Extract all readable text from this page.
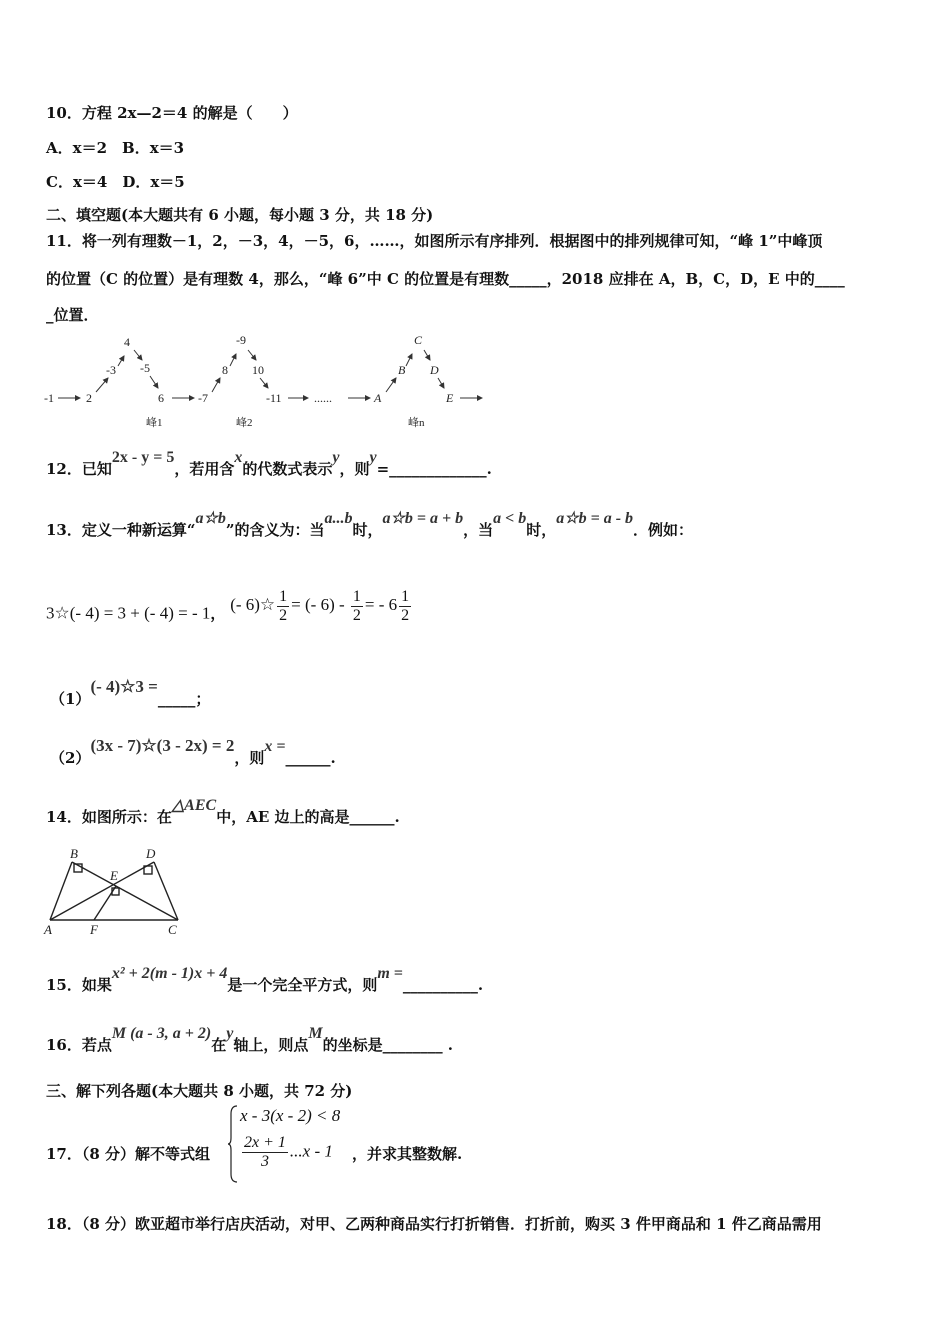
10．方程 2x—2＝4 的解是（　　）
A．x＝2　B．x＝3
C．x＝4　D．x＝5
二、填空题(本大题共有 6 小题，每小题 3 分，共 18 分)
11．将一列有理数－1，2，－3，4，－5，6，……，如图所示有序排列．根据图中的排列规律可知，“峰 1”中峰顶
的位置（C 的位置）是有理数 4，那么，“峰 6”中 C 的位置是有理数_____，2018 应排在 A，B，C，D，E 中的____
_位置．
-1	2
-3
4
-5
6	-7
8
-9
10
-11	......	A
B
C
D
E
峰1	峰2	峰n
12．已知2x - y = 5，若用含x的代数式表示y，则y=_____________.
13．定义一种新运算“a☆b”的含义为：当a...b时，a☆b = a + b，当a < b时，a☆b = a - b．例如：
3☆(- 4) = 3 + (- 4) = - 1， (- 6)☆ $\frac{1}{2}$ = (- $6) - \frac{1}{2}$ = - $6 \frac{1}{2}$
（1）(- 4)☆3 =_____；
（2）(3x - 7)☆(3 - 2x) = 2，则x =______.
14．如图所示：在△AEC中，AE 边上的高是______.
B	D
E
A	F	C
15．如果x² + 2(m - 1)x + 4是一个完全平方式，则m =__________.
16．若点M (a - 3, a + 2)在y轴上，则点M的坐标是________ .
三、解下列各题(本大题共 8 小题，共 72 分)
17．（8 分）解不等式组
x - 3(x - 2) < 8
$\frac{2x + 1}{3} ...x - 1$ ，并求其整数解.
18．（8 分）欧亚超市举行店庆活动，对甲、乙两种商品实行打折销售．打折前，购买 3 件甲商品和 1 件乙商品需用
